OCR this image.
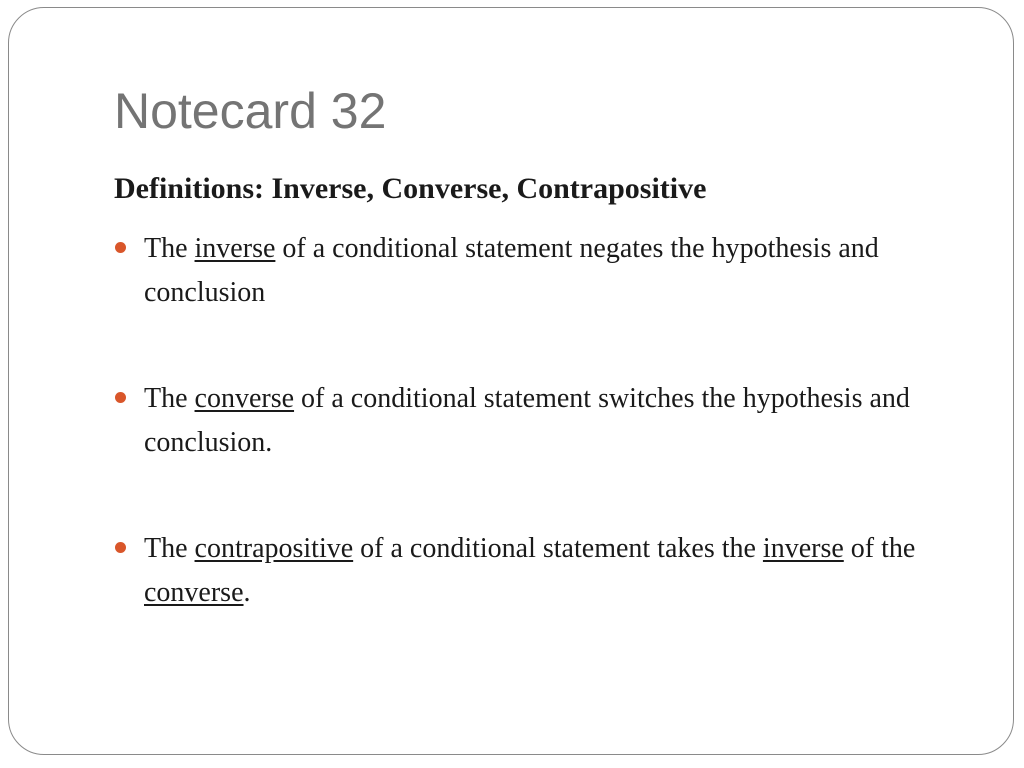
Notecard 32
Definitions: Inverse, Converse, Contrapositive
The inverse of a conditional statement negates the hypothesis and conclusion
The converse of a conditional statement switches the hypothesis and conclusion.
The contrapositive of a conditional statement takes the inverse of the converse.
